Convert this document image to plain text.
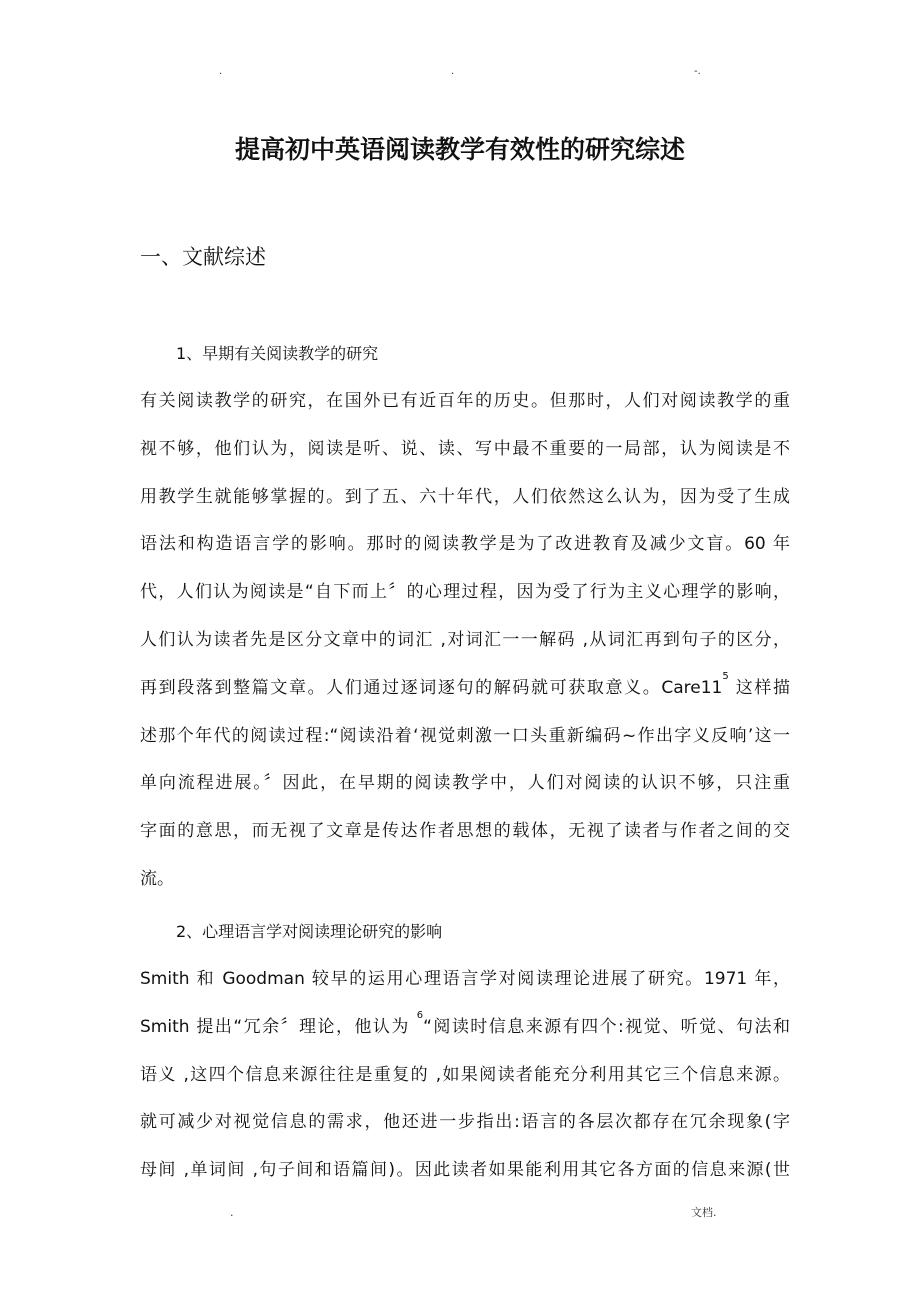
.	.	-.
提高初中英语阅读教学有效性的研究综述
一、文献综述
1、早期有关阅读教学的研究
有关阅读教学的研究，在国外已有近百年的历史。但那时，人们对阅读教学的重
视不够，他们认为，阅读是听、说、读、写中最不重要的一局部，认为阅读是不
用教学生就能够掌握的。到了五、六十年代，人们依然这么认为，因为受了生成
语法和构造语言学的影响。那时的阅读教学是为了改进教育及减少文盲。60 年
代，人们认为阅读是“自下而上〞的心理过程，因为受了行为主义心理学的影响，
人们认为读者先是区分文章中的词汇 ,对词汇一一解码 ,从词汇再到句子的区分，
再到段落到整篇文章。人们通过逐词逐句的解码就可获取意义。$Care11^5$ 这样描
述那个年代的阅读过程:“阅读沿着‘视觉刺激一口头重新编码~作出字义反响’这一
单向流程进展。〞因此，在早期的阅读教学中，人们对阅读的认识不够，只注重
字面的意思，而无视了文章是传达作者思想的载体，无视了读者与作者之间的交
流。
2、心理语言学对阅读理论研究的影响
Smith 和 Goodman 较早的运用心理语言学对阅读理论进展了研究。1971 年，
Smith 提出“冗余〞理论，他认为 $^6$“阅读时信息来源有四个:视觉、听觉、句法和
语义 ,这四个信息来源往往是重复的 ,如果阅读者能充分利用其它三个信息来源。
就可减少对视觉信息的需求，他还进一步指出:语言的各层次都存在冗余现象(字
母间 ,单词间 ,句子间和语篇间)。因此读者如果能利用其它各方面的信息来源(世
.	文档.
